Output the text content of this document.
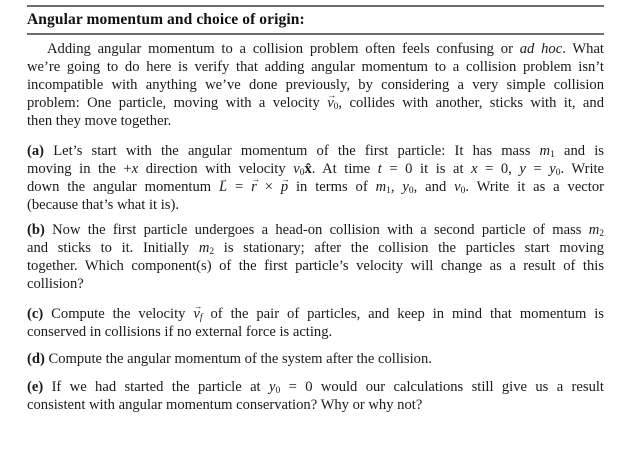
Angular momentum and choice of origin:
Adding angular momentum to a collision problem often feels confusing or ad hoc. What
we’re going to do here is verify that adding angular momentum to a collision problem isn’t
incompatible with anything we’ve done previously, by considering a very simple collision
problem: One particle, moving with a velocity → $v_0$, collides with another, sticks with it, and
then they move together.
(a) Let’s start with the angular momentum of the first particle: It has mass $m_1$ and is
moving in the +x direction with velocity $v_0x̂$. At time t = 0 it is at x = 0, $y = y_0$. Write
down the angular momentum → L = → r × → p in terms of $m_1$, $y_0$, and $v_0$. Write it as a vector
(because that’s what it is).
(b) Now the first particle undergoes a head-on collision with a second particle of mass $m_2$
and sticks to it. Initially $m_2$ is stationary; after the collision the particles start moving
together. Which component(s) of the first particle’s velocity will change as a result of this
collision?
(c) Compute the velocity → $v_f$ of the pair of particles, and keep in mind that momentum is
conserved in collisions if no external force is acting.
(d) Compute the angular momentum of the system after the collision.
(e) If we had started the particle at $y_0 = 0$ would our calculations still give us a result
consistent with angular momentum conservation? Why or why not?
